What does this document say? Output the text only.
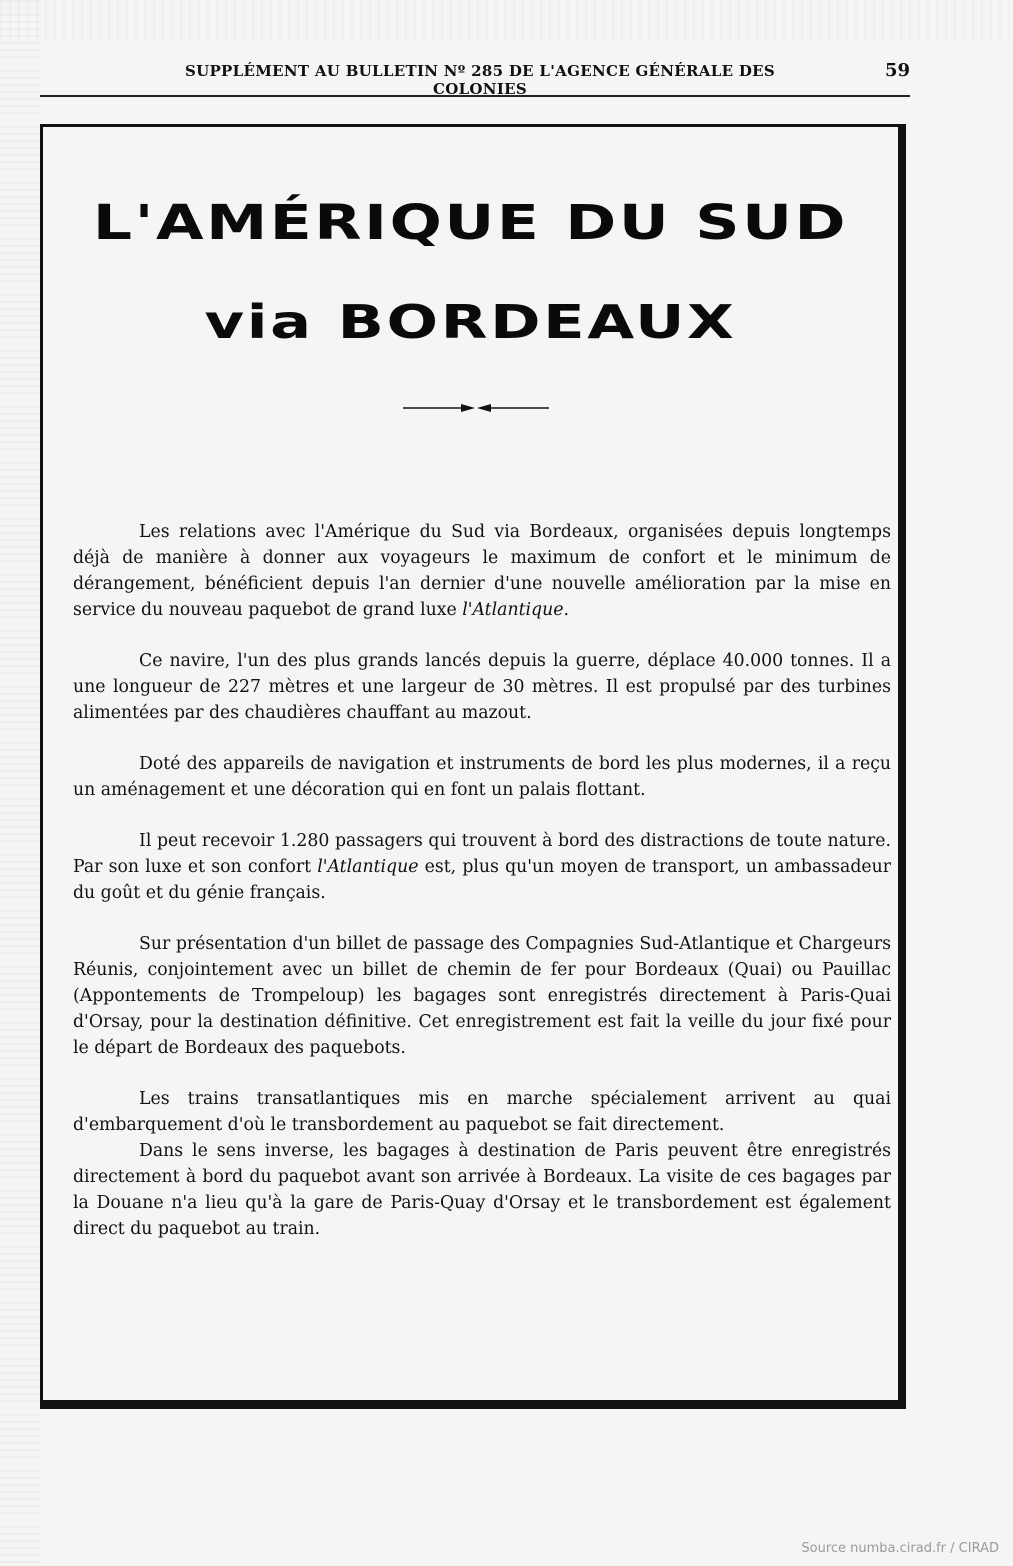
SUPPLÉMENT AU BULLETIN Nº 285 DE L'AGENCE GÉNÉRALE DES COLONIES
59
L'AMÉRIQUE DU SUD
via BORDEAUX

Les relations avec l'Amérique du Sud via Bordeaux, organisées depuis longtemps déjà de manière à donner aux voyageurs le maximum de confort et le minimum de dérangement, bénéficient depuis l'an dernier d'une nouvelle amélioration par la mise en service du nouveau paquebot de grand luxe l'Atlantique.

Ce navire, l'un des plus grands lancés depuis la guerre, déplace 40.000 tonnes. Il a une longueur de 227 mètres et une largeur de 30 mètres. Il est propulsé par des turbines alimentées par des chaudières chauffant au mazout.

Doté des appareils de navigation et instruments de bord les plus modernes, il a reçu un aménagement et une décoration qui en font un palais flottant.

Il peut recevoir 1.280 passagers qui trouvent à bord des distractions de toute nature. Par son luxe et son confort l'Atlantique est, plus qu'un moyen de transport, un ambassadeur du goût et du génie français.

Sur présentation d'un billet de passage des Compagnies Sud-Atlantique et Chargeurs Réunis, conjointement avec un billet de chemin de fer pour Bordeaux (Quai) ou Pauillac (Appontements de Trompeloup) les bagages sont enregistrés directement à Paris-Quai d'Orsay, pour la destination définitive. Cet enregistrement est fait la veille du jour fixé pour le départ de Bordeaux des paquebots.

Les trains transatlantiques mis en marche spécialement arrivent au quai d'embarquement d'où le transbordement au paquebot se fait directement.

Dans le sens inverse, les bagages à destination de Paris peuvent être enregistrés directement à bord du paquebot avant son arrivée à Bordeaux. La visite de ces bagages par la Douane n'a lieu qu'à la gare de Paris-Quay d'Orsay et le transbordement est également direct du paquebot au train.

Source numba.cirad.fr / CIRAD
